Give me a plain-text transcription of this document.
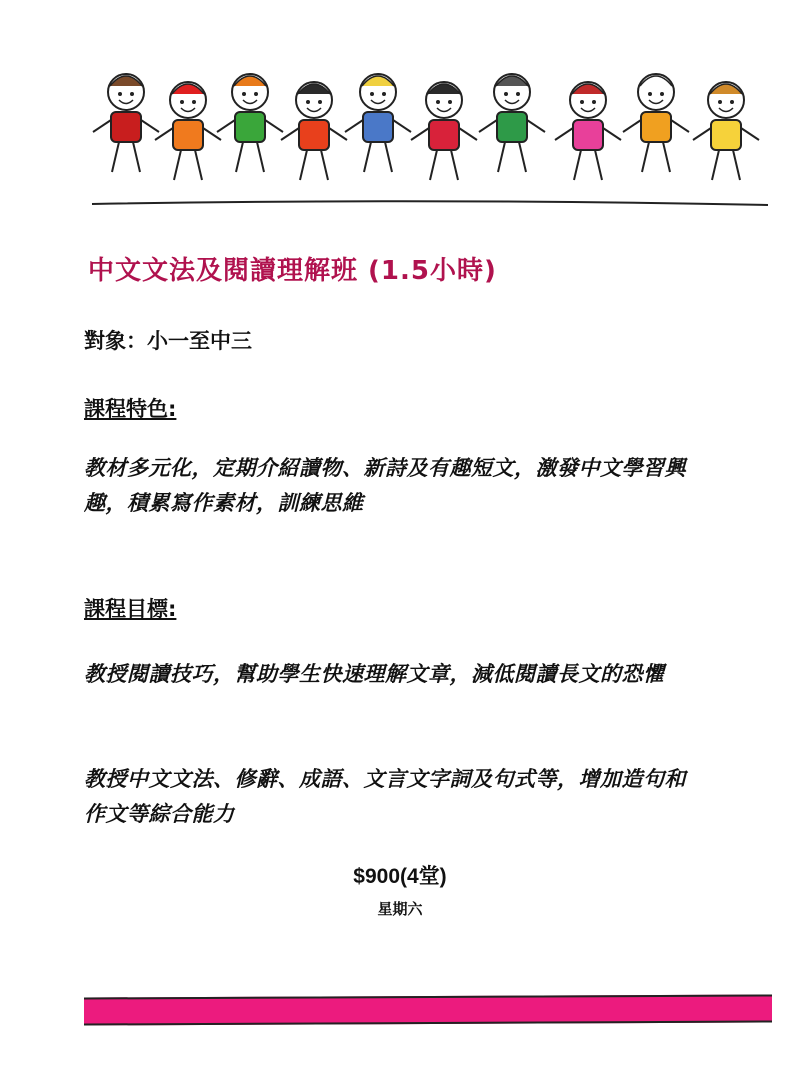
中文文法及閱讀理解班 (1.5小時)
對象：小一至中三
課程特色:
教材多元化，定期介紹讀物、新詩及有趣短文，激發中文學習興趣，積累寫作素材，訓練思維
課程目標:
教授閱讀技巧，幫助學生快速理解文章，減低閱讀長文的恐懼
教授中文文法、修辭、成語、文言文字詞及句式等，增加造句和作文等綜合能力
$900(4堂)
星期六
